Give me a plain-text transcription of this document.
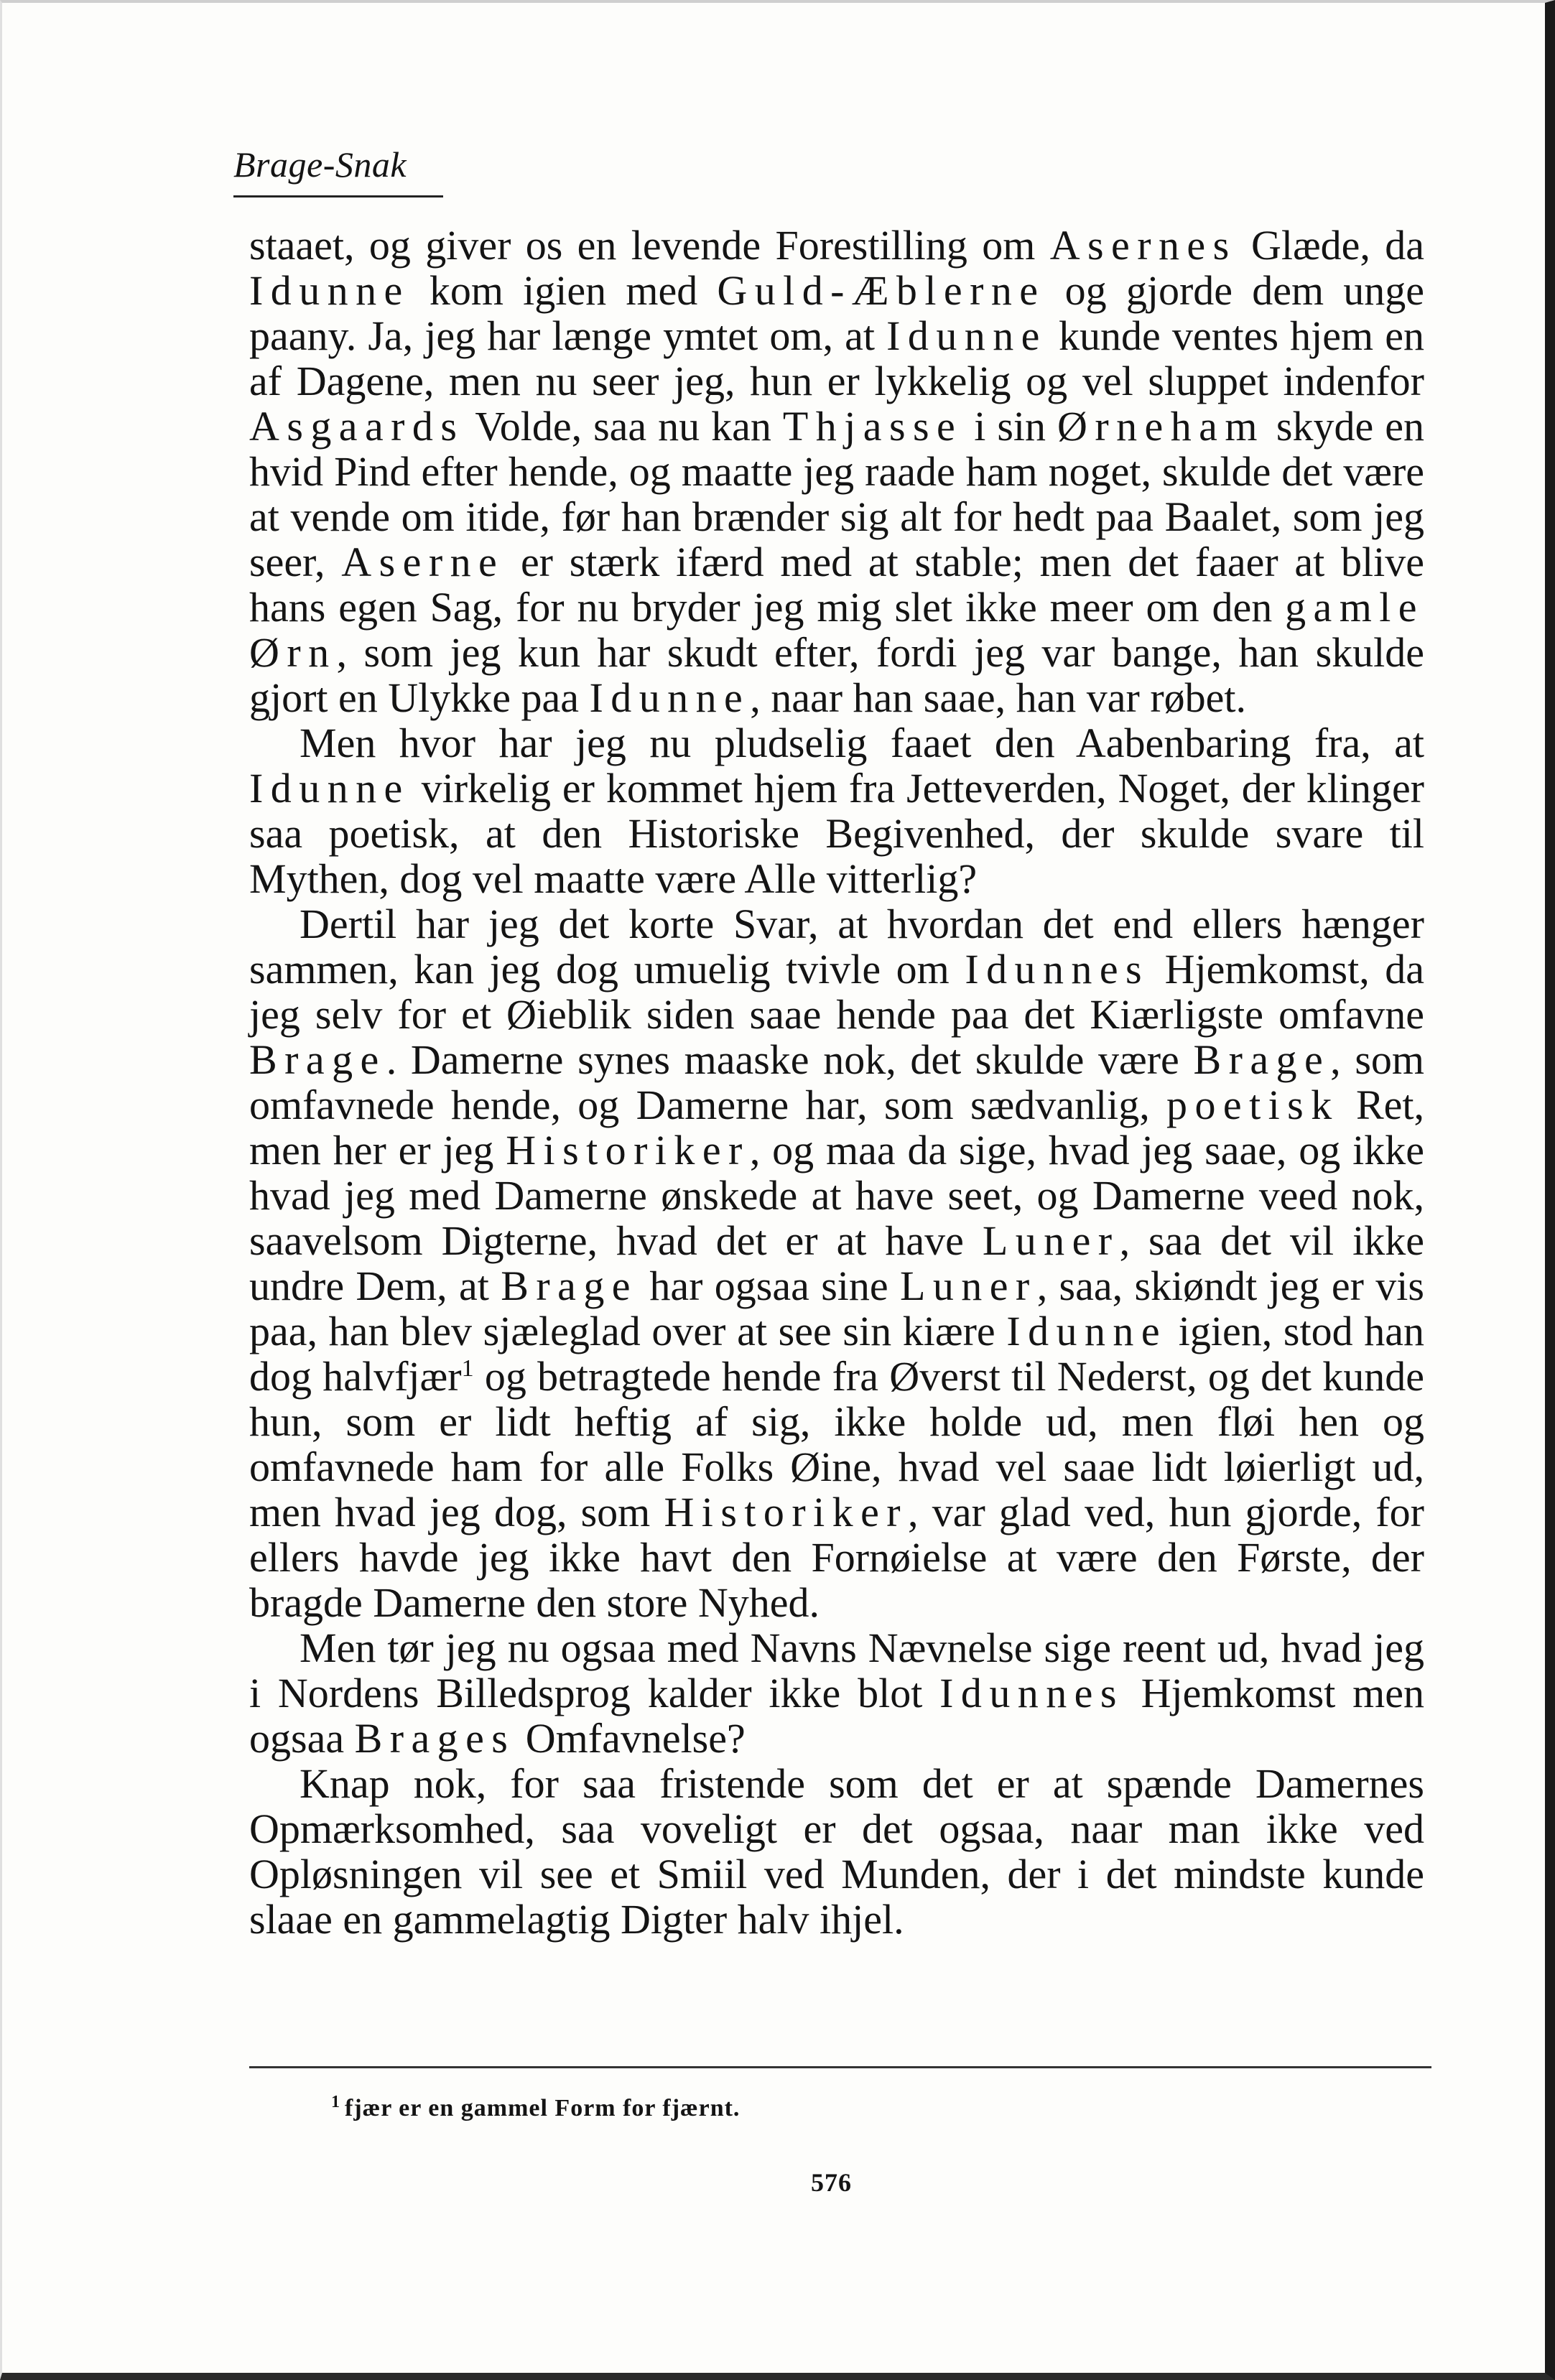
Brage-Snak

staaet, og giver os en levende Forestilling om Asernes Glæde, da Idunne kom igien med Guld-Æblerne og gjorde dem unge paany. Ja, jeg har længe ymtet om, at Idunne kunde ventes hjem en af Dagene, men nu seer jeg, hun er lykkelig og vel sluppet indenfor Asgaards Volde, saa nu kan Thjasse i sin Ørneham skyde en hvid Pind efter hende, og maatte jeg raade ham noget, skulde det være at vende om itide, før han brænder sig alt for hedt paa Baalet, som jeg seer, Aserne er stærk ifærd med at stable; men det faaer at blive hans egen Sag, for nu bryder jeg mig slet ikke meer om den gamle Ørn, som jeg kun har skudt efter, fordi jeg var bange, han skulde gjort en Ulykke paa Idunne, naar han saae, han var røbet.

Men hvor har jeg nu pludselig faaet den Aabenbaring fra, at Idunne virkelig er kommet hjem fra Jetteverden, Noget, der klinger saa poetisk, at den Historiske Begivenhed, der skulde svare til Mythen, dog vel maatte være Alle vitterlig?

Dertil har jeg det korte Svar, at hvordan det end ellers hænger sammen, kan jeg dog umuelig tvivle om Idunnes Hjemkomst, da jeg selv for et Øieblik siden saae hende paa det Kiærligste omfavne Brage. Damerne synes maaske nok, det skulde være Brage, som omfavnede hende, og Damerne har, som sædvanlig, poetisk Ret, men her er jeg Historiker, og maa da sige, hvad jeg saae, og ikke hvad jeg med Damerne ønskede at have seet, og Damerne veed nok, saavelsom Digterne, hvad det er at have Luner, saa det vil ikke undre Dem, at Brage har ogsaa sine Luner, saa, skiøndt jeg er vis paa, han blev sjæleglad over at see sin kiære Idunne igien, stod han dog halvfjær$^1$ og betragtede hende fra Øverst til Nederst, og det kunde hun, som er lidt heftig af sig, ikke holde ud, men fløi hen og omfavnede ham for alle Folks Øine, hvad vel saae lidt løierligt ud, men hvad jeg dog, som Historiker, var glad ved, hun gjorde, for ellers havde jeg ikke havt den Fornøielse at være den Første, der bragde Damerne den store Nyhed.

Men tør jeg nu ogsaa med Navns Nævnelse sige reent ud, hvad jeg i Nordens Billedsprog kalder ikke blot Idunnes Hjemkomst men ogsaa Brages Omfavnelse?

Knap nok, for saa fristende som det er at spænde Damernes Opmærksomhed, saa voveligt er det ogsaa, naar man ikke ved Opløsningen vil see et Smiil ved Munden, der i det mindste kunde slaae en gammelagtig Digter halv ihjel.

$^1$ fjær er en gammel Form for fjærnt.
576
